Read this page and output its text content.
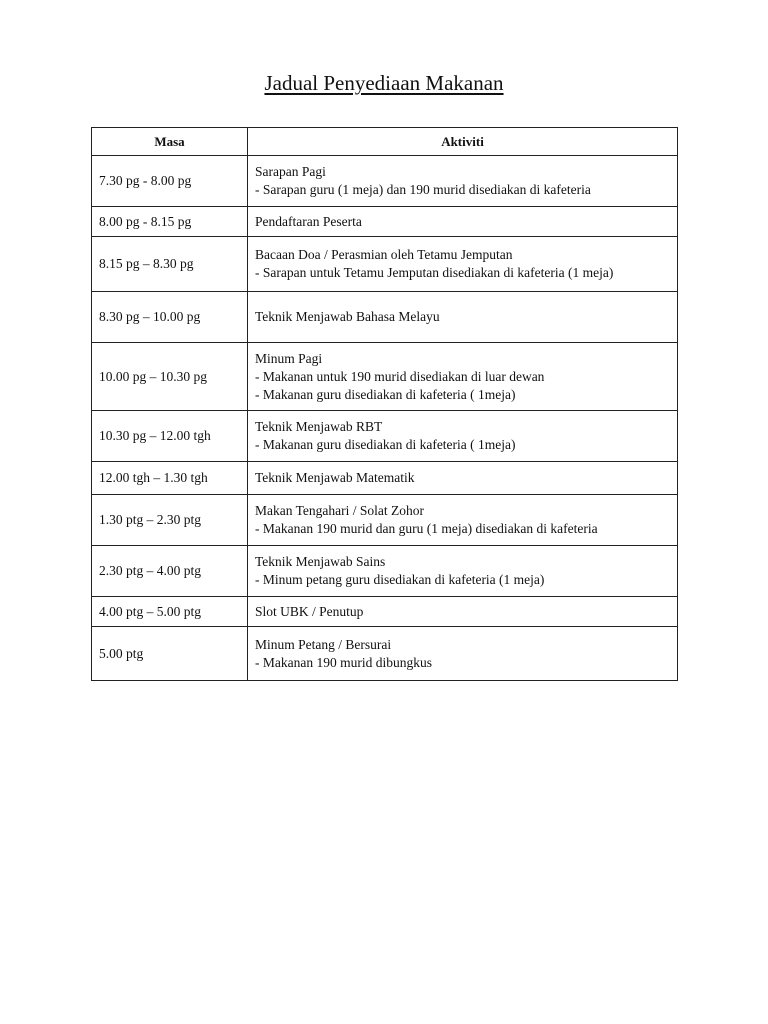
Jadual Penyediaan Makanan
Masa	Aktiviti
7.30 pg - 8.00 pg	Sarapan Pagi
- Sarapan guru (1 meja) dan 190 murid disediakan di kafeteria

8.00 pg - 8.15 pg	Pendaftaran Peserta

8.15 pg – 8.30 pg	Bacaan Doa / Perasmian oleh Tetamu Jemputan
- Sarapan untuk Tetamu Jemputan disediakan di kafeteria (1 meja)

8.30 pg – 10.00 pg	Teknik Menjawab Bahasa Melayu

10.00 pg – 10.30 pg	Minum Pagi
- Makanan untuk 190 murid disediakan di luar dewan
- Makanan guru disediakan di kafeteria ( 1meja)

10.30 pg – 12.00 tgh	Teknik Menjawab RBT
- Makanan guru disediakan di kafeteria ( 1meja)

12.00 tgh – 1.30 tgh	Teknik Menjawab Matematik

1.30 ptg – 2.30 ptg	Makan Tengahari / Solat Zohor
- Makanan 190 murid dan guru (1 meja) disediakan di kafeteria

2.30 ptg – 4.00 ptg	Teknik Menjawab Sains
- Minum petang guru disediakan di kafeteria (1 meja)

4.00 ptg – 5.00 ptg	Slot UBK / Penutup

5.00 ptg	Minum Petang / Bersurai
- Makanan 190 murid dibungkus
